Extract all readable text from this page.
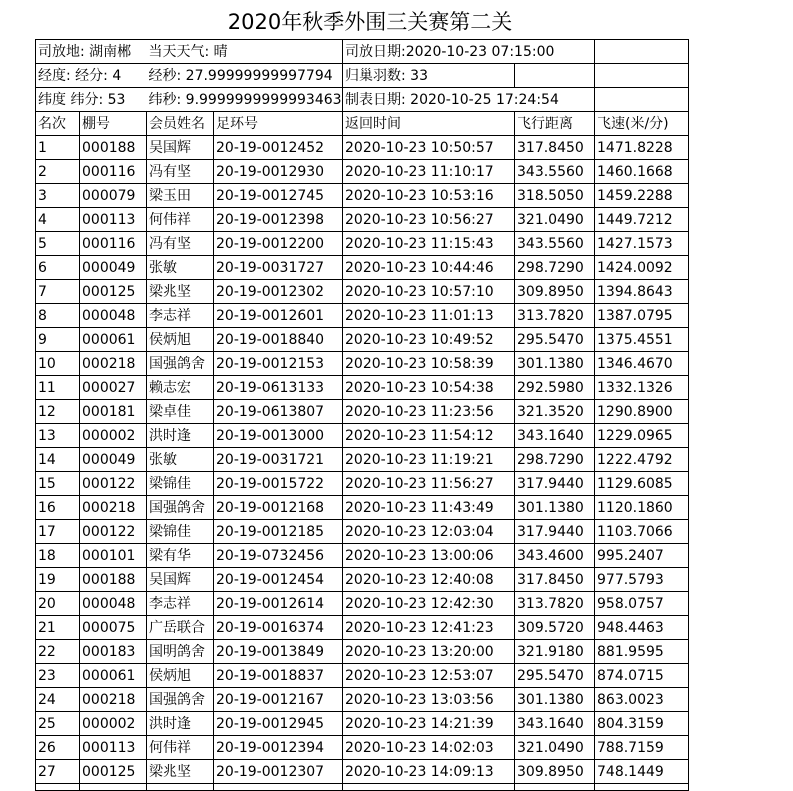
2020年秋季外围三关赛第二关
司放地: 湖南郴		当天天气: 晴		司放日期:2020-10-23 07:15:00		
经度: 经分: 4		经秒: 27.99999999997794		归巢羽数: 33		
纬度 纬分: 53		纬秒: 9.9999999999993463		制表日期: 2020-10-25 17:24:54		
名次	棚号	会员姓名	足环号	返回时间	飞行距离	飞速(米/分)
1	000188	吴国辉	20-19-0012452	2020-10-23 10:50:57	317.8450	1471.8228
2	000116	冯有坚	20-19-0012930	2020-10-23 11:10:17	343.5560	1460.1668
3	000079	梁玉田	20-19-0012745	2020-10-23 10:53:16	318.5050	1459.2288
4	000113	何伟祥	20-19-0012398	2020-10-23 10:56:27	321.0490	1449.7212
5	000116	冯有坚	20-19-0012200	2020-10-23 11:15:43	343.5560	1427.1573
6	000049	张敏	20-19-0031727	2020-10-23 10:44:46	298.7290	1424.0092
7	000125	梁兆坚	20-19-0012302	2020-10-23 10:57:10	309.8950	1394.8643
8	000048	李志祥	20-19-0012601	2020-10-23 11:01:13	313.7820	1387.0795
9	000061	侯炳旭	20-19-0018840	2020-10-23 10:49:52	295.5470	1375.4551
10	000218	国强鸽舍	20-19-0012153	2020-10-23 10:58:39	301.1380	1346.4670
11	000027	赖志宏	20-19-0613133	2020-10-23 10:54:38	292.5980	1332.1326
12	000181	梁卓佳	20-19-0613807	2020-10-23 11:23:56	321.3520	1290.8900
13	000002	洪时逢	20-19-0013000	2020-10-23 11:54:12	343.1640	1229.0965
14	000049	张敏	20-19-0031721	2020-10-23 11:19:21	298.7290	1222.4792
15	000122	梁锦佳	20-19-0015722	2020-10-23 11:56:27	317.9440	1129.6085
16	000218	国强鸽舍	20-19-0012168	2020-10-23 11:43:49	301.1380	1120.1860
17	000122	梁锦佳	20-19-0012185	2020-10-23 12:03:04	317.9440	1103.7066
18	000101	梁有华	20-19-0732456	2020-10-23 13:00:06	343.4600	995.2407
19	000188	吴国辉	20-19-0012454	2020-10-23 12:40:08	317.8450	977.5793
20	000048	李志祥	20-19-0012614	2020-10-23 12:42:30	313.7820	958.0757
21	000075	广岳联合	20-19-0016374	2020-10-23 12:41:23	309.5720	948.4463
22	000183	国明鸽舍	20-19-0013849	2020-10-23 13:20:00	321.9180	881.9595
23	000061	侯炳旭	20-19-0018837	2020-10-23 12:53:07	295.5470	874.0715
24	000218	国强鸽舍	20-19-0012167	2020-10-23 13:03:56	301.1380	863.0023
25	000002	洪时逢	20-19-0012945	2020-10-23 14:21:39	343.1640	804.3159
26	000113	何伟祥	20-19-0012394	2020-10-23 14:02:03	321.0490	788.7159
27	000125	梁兆坚	20-19-0012307	2020-10-23 14:09:13	309.8950	748.1449
